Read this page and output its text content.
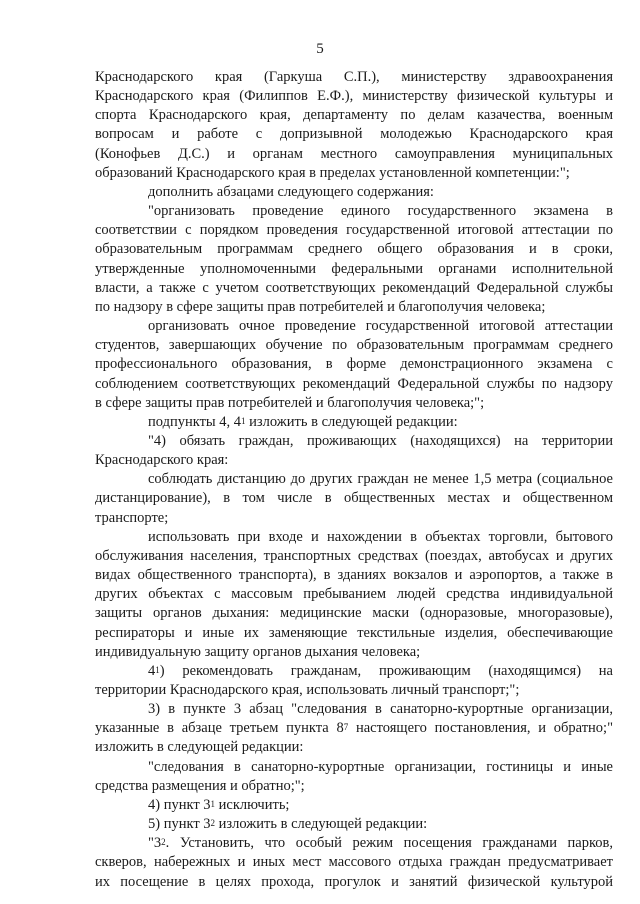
5

Краснодарского края (Гаркуша С.П.), министерству здравоохранения

Краснодарского края (Филиппов Е.Ф.), министерству физической культуры и

спорта Краснодарского края, департаменту по делам казачества, военным

вопросам и работе с допризывной молодежью Краснодарского края

(Конофьев Д.С.) и органам местного самоуправления муниципальных

образований Краснодарского края в пределах установленной компетенции:";

дополнить абзацами следующего содержания:

"организовать проведение единого государственного экзамена в

соответствии с порядком проведения государственной итоговой аттестации по

образовательным программам среднего общего образования и в сроки,

утвержденные уполномоченными федеральными органами исполнительной

власти, а также с учетом соответствующих рекомендаций Федеральной службы

по надзору в сфере защиты прав потребителей и благополучия человека;

организовать очное проведение государственной итоговой аттестации

студентов, завершающих обучение по образовательным программам среднего

профессионального образования, в форме демонстрационного экзамена с

соблюдением соответствующих рекомендаций Федеральной службы по надзору

в сфере защиты прав потребителей и благополучия человека;";

подпункты 4, $4^1$ изложить в следующей редакции:

"4) обязать граждан, проживающих (находящихся) на территории

Краснодарского края:

соблюдать дистанцию до других граждан не менее 1,5 метра (социальное

дистанцирование), в том числе в общественных местах и общественном

транспорте;

использовать при входе и нахождении в объектах торговли, бытового

обслуживания населения, транспортных средствах (поездах, автобусах и других

видах общественного транспорта), в зданиях вокзалов и аэропортов, а также в

других объектах с массовым пребыванием людей средства индивидуальной

защиты органов дыхания: медицинские маски (одноразовые, многоразовые),

респираторы и иные их заменяющие текстильные изделия, обеспечивающие

индивидуальную защиту органов дыхания человека;

$4^1$) рекомендовать гражданам, проживающим (находящимся) на

территории Краснодарского края, использовать личный транспорт;";

3) в пункте 3 абзац "следования в санаторно-курортные организации,

указанные в абзаце третьем пункта $8^7$ настоящего постановления, и обратно;"

изложить в следующей редакции:

"следования в санаторно-курортные организации, гостиницы и иные

средства размещения и обратно;";

4) пункт $3^1$ исключить;

5) пункт $3^2$ изложить в следующей редакции:

"$3^2$. Установить, что особый режим посещения гражданами парков,

скверов, набережных и иных мест массового отдыха граждан предусматривает

их посещение в целях прохода, прогулок и занятий физической культурой
